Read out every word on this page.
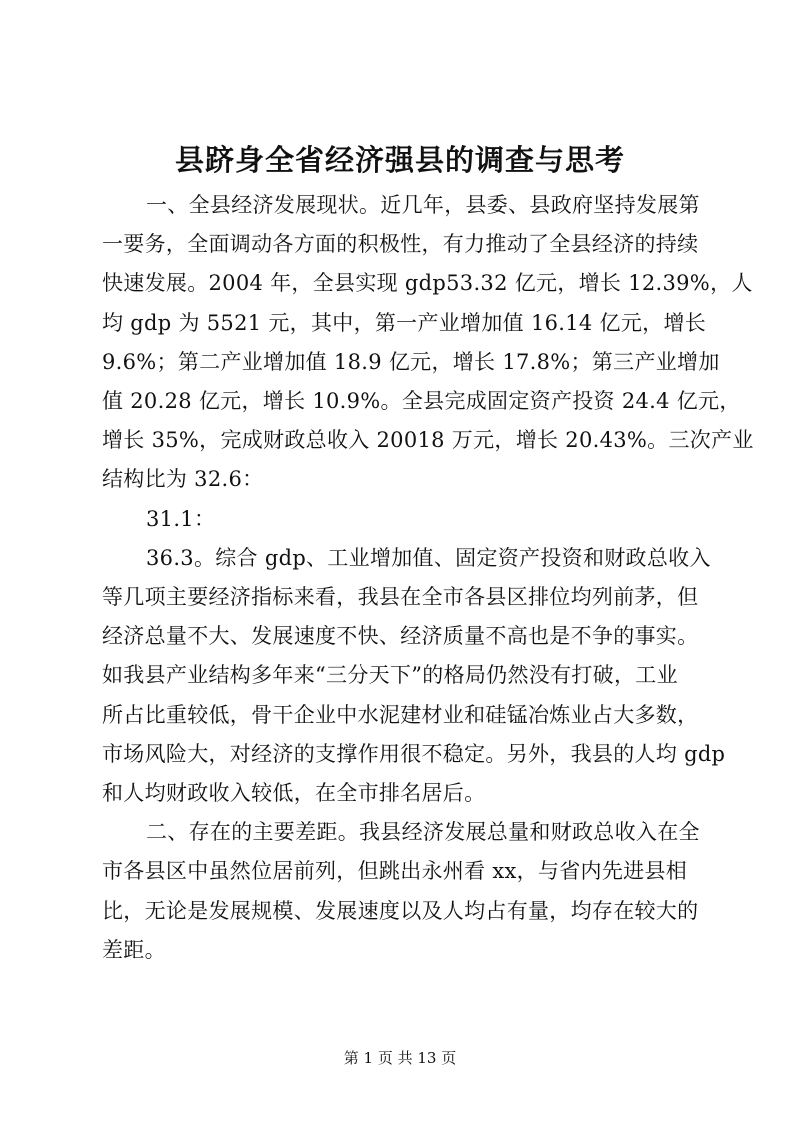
县跻身全省经济强县的调查与思考

一、全县经济发展现状。近几年，县委、县政府坚持发展第
一要务，全面调动各方面的积极性，有力推动了全县经济的持续
快速发展。2004 年，全县实现 gdp53.32 亿元，增长 12.39%，人
均 gdp 为 5521 元，其中，第一产业增加值 16.14 亿元，增长
9.6%；第二产业增加值 18.9 亿元，增长 17.8%；第三产业增加
值 20.28 亿元，增长 10.9%。全县完成固定资产投资 24.4 亿元，
增长 35%，完成财政总收入 20018 万元，增长 20.43%。三次产业
结构比为 32.6：

31.1：

36.3。综合 gdp、工业增加值、固定资产投资和财政总收入
等几项主要经济指标来看，我县在全市各县区排位均列前茅，但
经济总量不大、发展速度不快、经济质量不高也是不争的事实。
如我县产业结构多年来“三分天下”的格局仍然没有打破，工业
所占比重较低，骨干企业中水泥建材业和硅锰冶炼业占大多数，
市场风险大，对经济的支撑作用很不稳定。另外，我县的人均 gdp
和人均财政收入较低，在全市排名居后。

二、存在的主要差距。我县经济发展总量和财政总收入在全
市各县区中虽然位居前列，但跳出永州看 xx，与省内先进县相
比，无论是发展规模、发展速度以及人均占有量，均存在较大的
差距。

第 1 页 共 13 页
